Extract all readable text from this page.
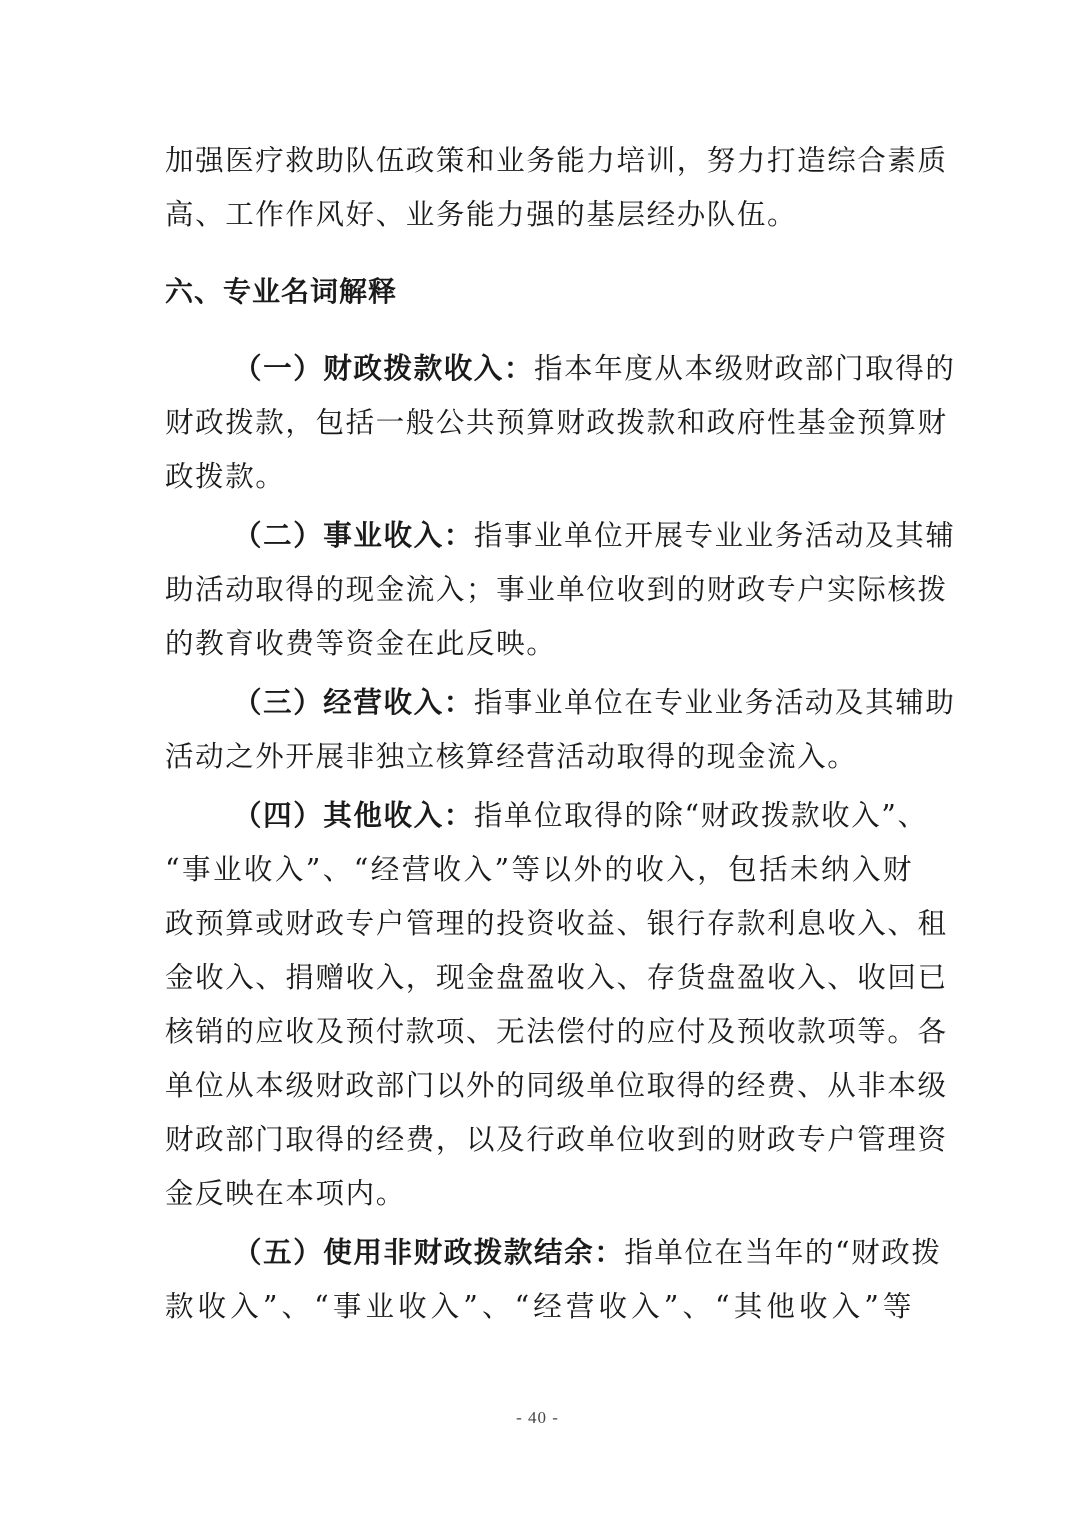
加强医疗救助队伍政策和业务能力培训，努力打造综合素质
高、工作作风好、业务能力强的基层经办队伍。
六、专业名词解释
（一）财政拨款收入：指本年度从本级财政部门取得的
财政拨款，包括一般公共预算财政拨款和政府性基金预算财
政拨款。
（二）事业收入：指事业单位开展专业业务活动及其辅
助活动取得的现金流入；事业单位收到的财政专户实际核拨
的教育收费等资金在此反映。
（三）经营收入：指事业单位在专业业务活动及其辅助
活动之外开展非独立核算经营活动取得的现金流入。
（四）其他收入：指单位取得的除“财政拨款收入”、
“事业收入”、“经营收入”等以外的收入，包括未纳入财
政预算或财政专户管理的投资收益、银行存款利息收入、租
金收入、捐赠收入，现金盘盈收入、存货盘盈收入、收回已
核销的应收及预付款项、无法偿付的应付及预收款项等。各
单位从本级财政部门以外的同级单位取得的经费、从非本级
财政部门取得的经费，以及行政单位收到的财政专户管理资
金反映在本项内。
（五）使用非财政拨款结余：指单位在当年的“财政拨
款收入”、“事业收入”、“经营收入”、“其他收入”等
- 40 -
